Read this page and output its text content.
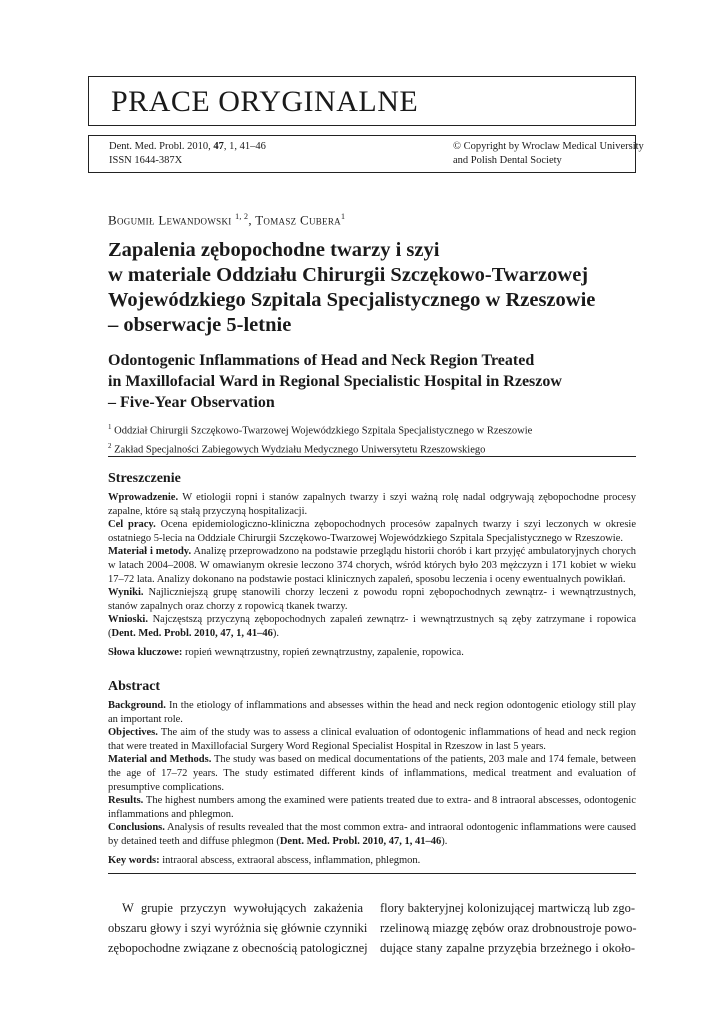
PRACE ORYGINALNE
Dent. Med. Probl. 2010, 47, 1, 41–46
ISSN 1644-387X
© Copyright by Wroclaw Medical University
and Polish Dental Society
Bogumił Lewandowski $^{1, 2}$, Tomasz Cubera$^1$
Zapalenia zębopochodne twarzy i szyi
w materiale Oddziału Chirurgii Szczękowo-Twarzowej
Wojewódzkiego Szpitala Specjalistycznego w Rzeszowie
– obserwacje 5-letnie
Odontogenic Inflammations of Head and Neck Region Treated
in Maxillofacial Ward in Regional Specialistic Hospital in Rzeszow
– Five-Year Observation
$^1$ Oddział Chirurgii Szczękowo-Twarzowej Wojewódzkiego Szpitala Specjalistycznego w Rzeszowie
$^2$ Zakład Specjalności Zabiegowych Wydziału Medycznego Uniwersytetu Rzeszowskiego
Streszczenie

Wprowadzenie. W etiologii ropni i stanów zapalnych twarzy i szyi ważną rolę nadal odgrywają zębopochodne procesy zapalne, które są stałą przyczyną hospitalizacji.

Cel pracy. Ocena epidemiologiczno-kliniczna zębopochodnych procesów zapalnych twarzy i szyi leczonych w okresie ostatniego 5-lecia na Oddziale Chirurgii Szczękowo-Twarzowej Wojewódzkiego Szpitala Specjalistycznego w Rzeszowie.

Materiał i metody. Analizę przeprowadzono na podstawie przeglądu historii chorób i kart przyjęć ambulatoryjnych chorych w latach 2004–2008. W omawianym okresie leczono 374 chorych, wśród których było 203 mężczyzn i 171 kobiet w wieku 17–72 lata. Analizy dokonano na podstawie postaci klinicznych zapaleń, sposobu leczenia i oceny ewentualnych powikłań.

Wyniki. Najliczniejszą grupę stanowili chorzy leczeni z powodu ropni zębopochodnych zewnątrz- i wewnątrzustnych, stanów zapalnych oraz chorzy z ropowicą tkanek twarzy.

Wnioski. Najczęstszą przyczyną zębopochodnych zapaleń zewnątrz- i wewnątrzustnych są zęby zatrzymane i ropowica (Dent. Med. Probl. 2010, 47, 1, 41–46).

Słowa kluczowe: ropień wewnątrzustny, ropień zewnątrzustny, zapalenie, ropowica.

Abstract

Background. In the etiology of inflammations and absesses within the head and neck region odontogenic etiology still play an important role.

Objectives. The aim of the study was to assess a clinical evaluation of odontogenic inflammations of head and neck region that were treated in Maxillofacial Surgery Word Regional Specialist Hospital in Rzeszow in last 5 years.

Material and Methods. The study was based on medical documentations of the patients, 203 male and 174 female, between the age of 17–72 years. The study estimated different kinds of inflammations, medical treatment and evaluation of presumptive complications.

Results. The highest numbers among the examined were patients treated due to extra- and 8 intraoral abscesses, odontogenic inflammations and phlegmon.

Conclusions. Analysis of results revealed that the most common extra- and intraoral odontogenic inflammations were caused by detained teeth and diffuse phlegmon (Dent. Med. Probl. 2010, 47, 1, 41–46).

Key words: intraoral abscess, extraoral abscess, inflammation, phlegmon.

W grupie przyczyn wywołujących zakażenia
obszaru głowy i szyi wyróżnia się głównie czynniki
zębopochodne związane z obecnością patologicznej
flory bakteryjnej kolonizującej martwiczą lub zgo-
rzelinową miazgę zębów oraz drobnoustroje powo-
dujące stany zapalne przyzębia brzeżnego i około-
